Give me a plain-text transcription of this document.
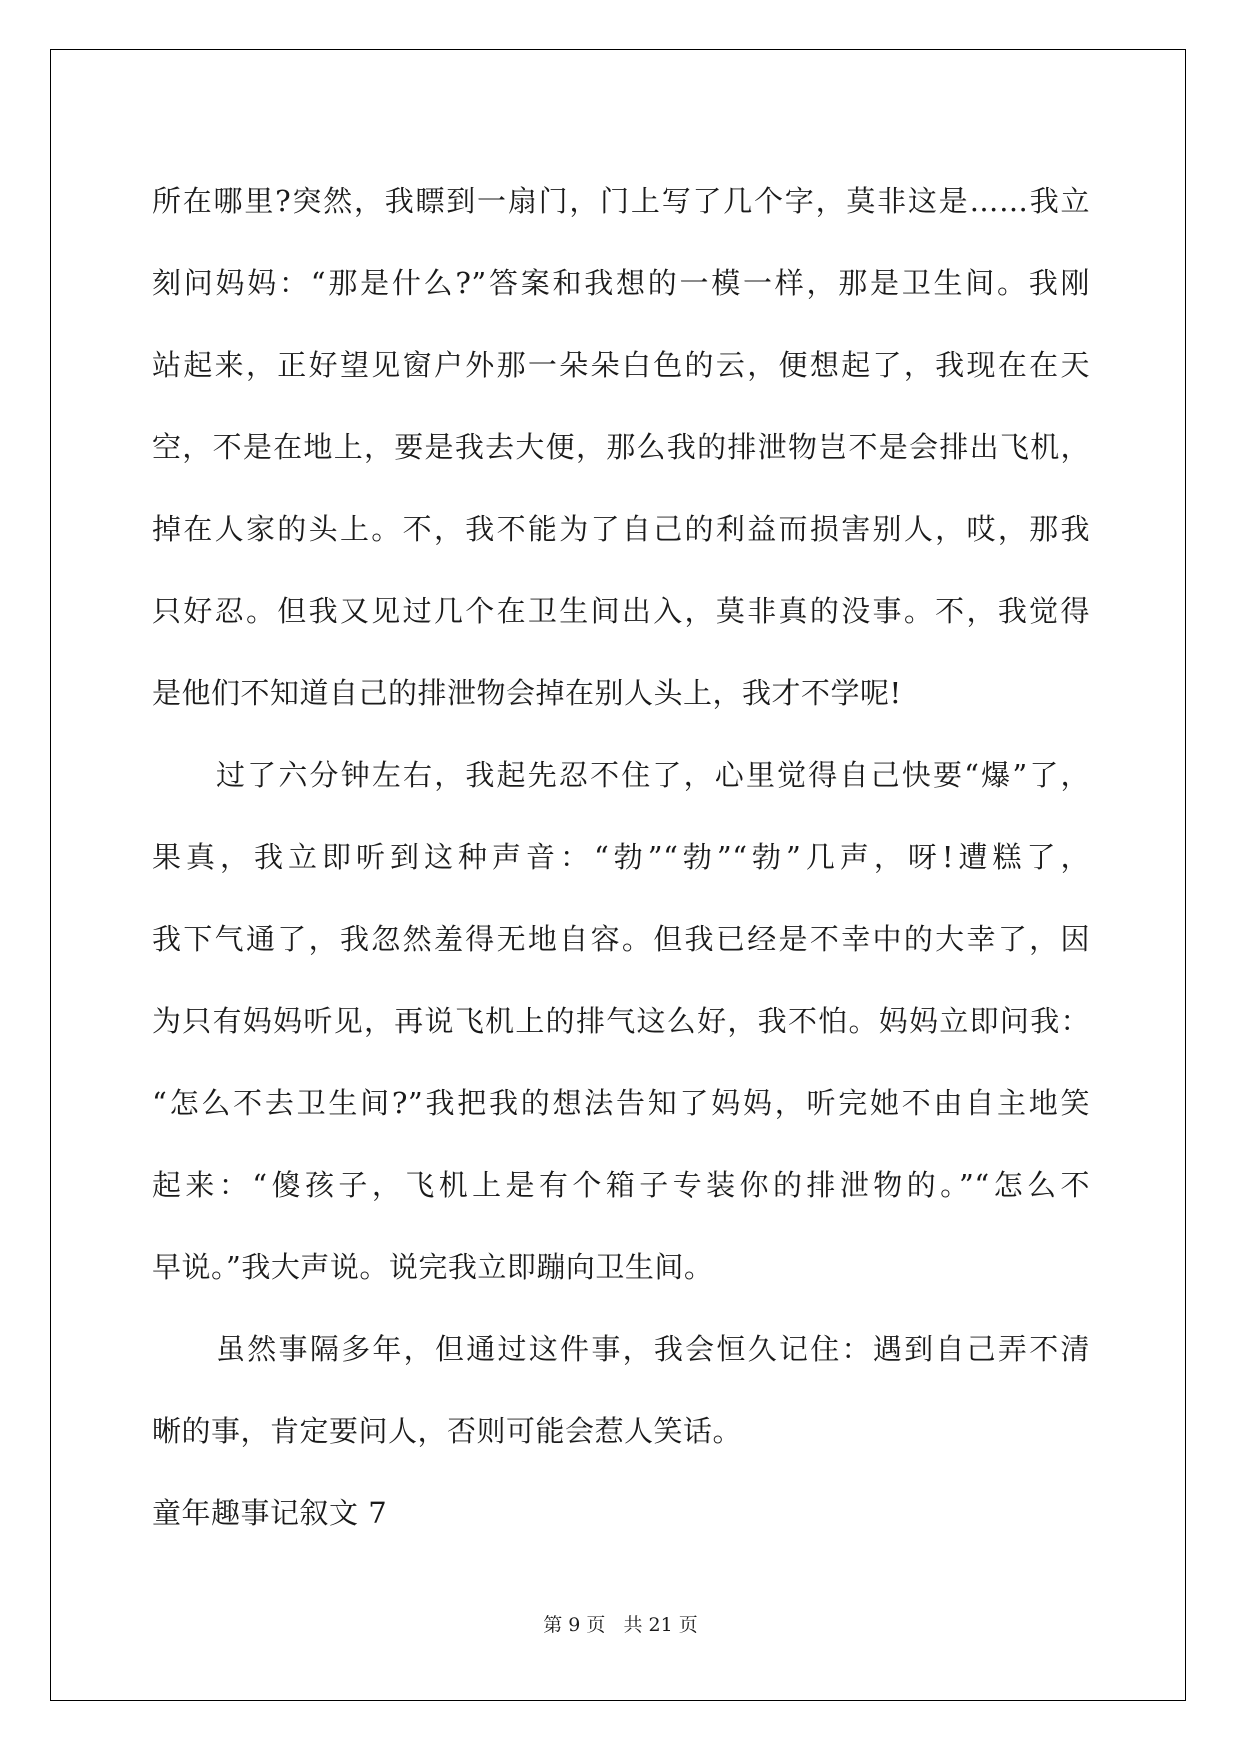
所在哪里?突然，我瞟到一扇门，门上写了几个字，莫非这是……我立
刻问妈妈：“那是什么?”答案和我想的一模一样，那是卫生间。我刚
站起来，正好望见窗户外那一朵朵白色的云，便想起了，我现在在天
空，不是在地上，要是我去大便，那么我的排泄物岂不是会排出飞机，
掉在人家的头上。不，我不能为了自己的利益而损害别人，哎，那我
只好忍。但我又见过几个在卫生间出入，莫非真的没事。不，我觉得
是他们不知道自己的排泄物会掉在别人头上，我才不学呢!
过了六分钟左右，我起先忍不住了，心里觉得自己快要“爆”了，
果真，我立即听到这种声音：“勃”“勃”“勃”几声，呀!遭糕了，
我下气通了，我忽然羞得无地自容。但我已经是不幸中的大幸了，因
为只有妈妈听见，再说飞机上的排气这么好，我不怕。妈妈立即问我：
“怎么不去卫生间?”我把我的想法告知了妈妈，听完她不由自主地笑
起来：“傻孩子，飞机上是有个箱子专装你的排泄物的。”“怎么不
早说。”我大声说。说完我立即蹦向卫生间。
虽然事隔多年，但通过这件事，我会恒久记住：遇到自己弄不清
晰的事，肯定要问人，否则可能会惹人笑话。
童年趣事记叙文 7
第 9 页 共 21 页
